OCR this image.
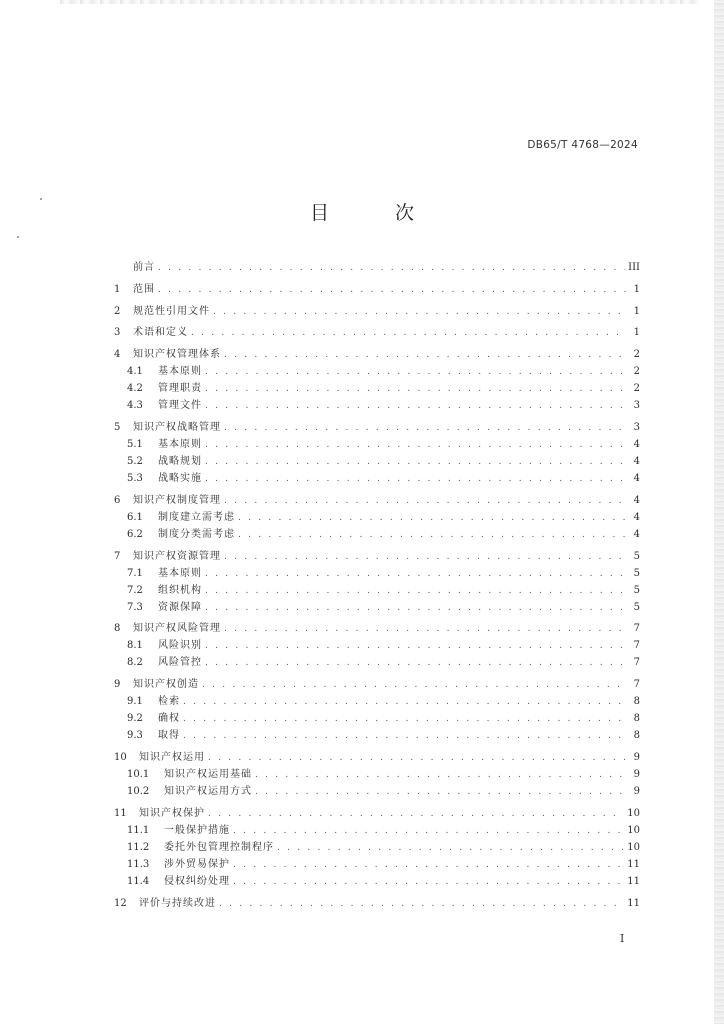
DB65/T 4768—2024
目 次
前言 . . .	III
1	范围 . . .	1
2	规范性引用文件 . . .	1
3	术语和定义 . . .	1
4	知识产权管理体系 . . .	2
4.1	基本原则 . . .	2
4.2	管理职责 . . .	2
4.3	管理文件 . . .	3
5	知识产权战略管理 . . .	3
5.1	基本原则 . . .	4
5.2	战略规划 . . .	4
5.3	战略实施 . . .	4
6	知识产权制度管理 . . .	4
6.1	制度建立需考虑 . . .	4
6.2	制度分类需考虑 . . .	4
7	知识产权资源管理 . . .	5
7.1	基本原则 . . .	5
7.2	组织机构 . . .	5
7.3	资源保障 . . .	5
8	知识产权风险管理 . . .	7
8.1	风险识别 . . .	7
8.2	风险管控 . . .	7
9	知识产权创造 . . .	7
9.1	检索 . . .	8
9.2	确权 . . .	8
9.3	取得 . . .	8
10	知识产权运用 . . .	9
10.1	知识产权运用基础 . . .	9
10.2	知识产权运用方式 . . .	9
11	知识产权保护 . . .	10
11.1	一般保护措施 . . .	10
11.2	委托外包管理控制程序 . . .	10
11.3	涉外贸易保护 . . .	11
11.4	侵权纠纷处理 . . .	11
12	评价与持续改进 . . .	11
I
